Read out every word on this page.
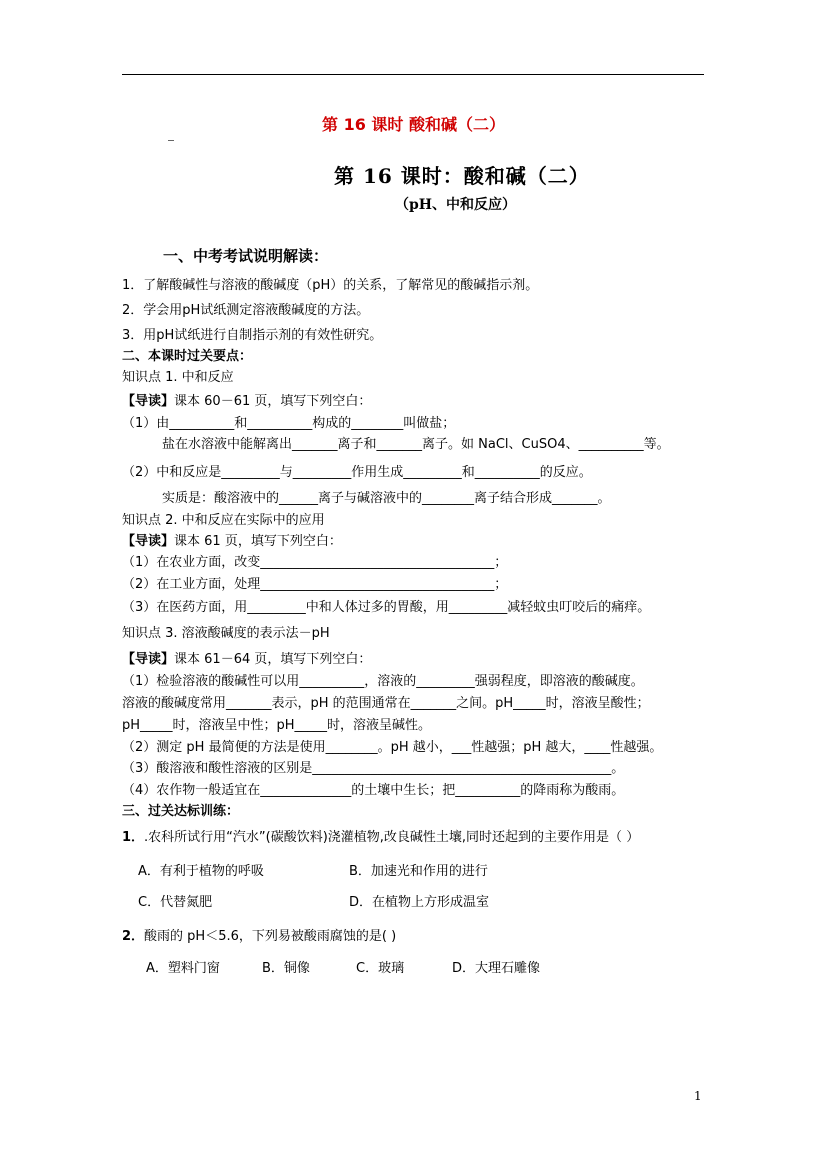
第 16 课时 酸和碱（二）
第 16 课时：酸和碱（二）
（pH、中和反应）
一、中考考试说明解读：
1．了解酸碱性与溶液的酸碱度（pH）的关系，了解常见的酸碱指示剂。
2．学会用pH试纸测定溶液酸碱度的方法。
3．用pH试纸进行自制指示剂的有效性研究。
二、本课时过关要点：
知识点 1. 中和反应
【导读】课本 60－61 页，填写下列空白：
（1）由__________和__________构成的________叫做盐；
盐在水溶液中能解离出_______离子和_______离子。如 NaCl、CuSO4、__________等。
（2）中和反应是_________与_________作用生成_________和__________的反应。
实质是：酸溶液中的______离子与碱溶液中的________离子结合形成_______。
知识点 2. 中和反应在实际中的应用
【导读】课本 61 页，填写下列空白：
（1）在农业方面，改变____________________________________；
（2）在工业方面，处理____________________________________；
（3）在医药方面，用_________中和人体过多的胃酸，用_________减轻蚊虫叮咬后的痛痒。
知识点 3. 溶液酸碱度的表示法－pH
【导读】课本 61－64 页，填写下列空白：
（1）检验溶液的酸碱性可以用__________，溶液的_________强弱程度，即溶液的酸碱度。
溶液的酸碱度常用_______表示，pH 的范围通常在_______之间。pH_____时，溶液呈酸性；
pH_____时，溶液呈中性；pH_____时，溶液呈碱性。
（2）测定 pH 最简便的方法是使用________。pH 越小，___性越强；pH 越大，____性越强。
（3）酸溶液和酸性溶液的区别是______________________________________________。
（4）农作物一般适宜在______________的土壤中生长；把__________的降雨称为酸雨。
三、过关达标训练：
1．.农科所试行用“汽水”(碳酸饮料)浇灌植物,改良碱性土壤,同时还起到的主要作用是（ ）
A．有利于植物的呼吸	B．加速光和作用的进行
C．代替氮肥	D．在植物上方形成温室
2．酸雨的 pH＜5.6，下列易被酸雨腐蚀的是( )
A．塑料门窗	B．铜像	C．玻璃	D．大理石雕像
1
